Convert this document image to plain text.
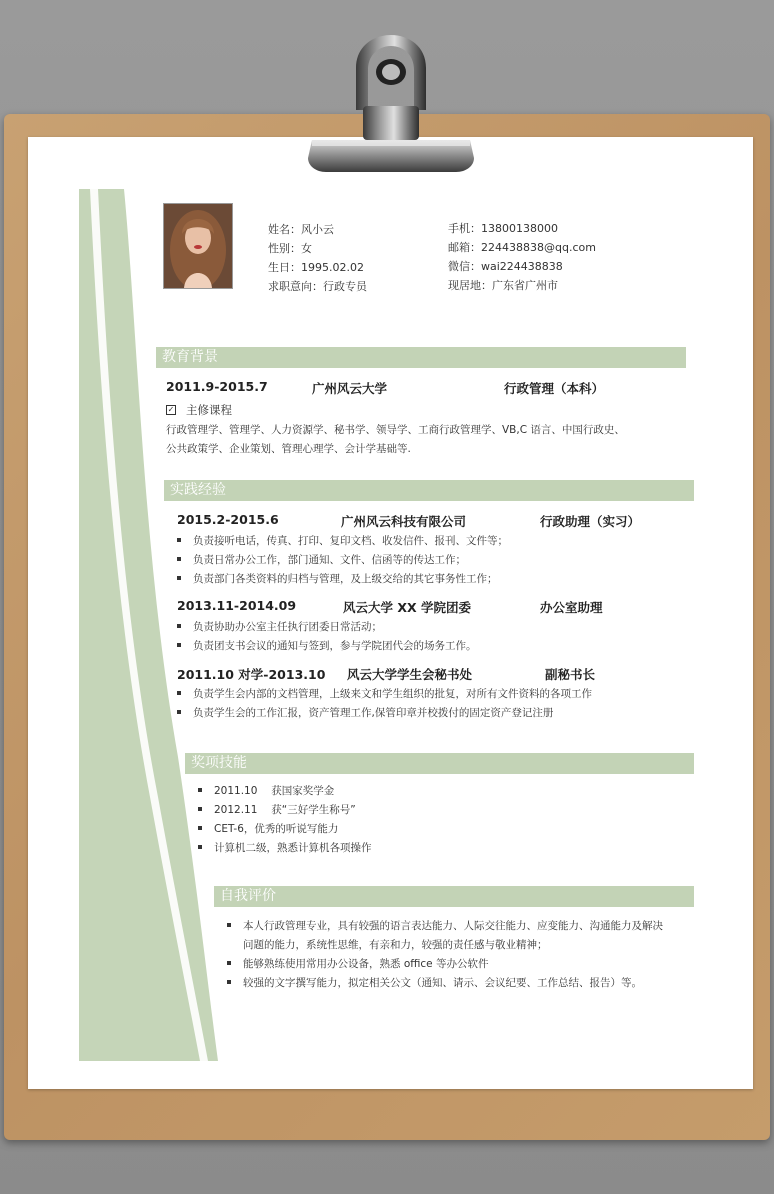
姓名：风小云
性别：女
生日：1995.02.02
求职意向：行政专员
手机：13800138000
邮箱：224438838@qq.com
微信：wai224438838
现居地：广东省广州市
教育背景
2011.9-2015.7	广州风云大学	行政管理（本科）
✓ 主修课程
行政管理学、管理学、人力资源学、秘书学、领导学、工商行政管理学、VB,C 语言、中国行政史、
公共政策学、企业策划、管理心理学、会计学基础等.
实践经验
2015.2-2015.6	广州风云科技有限公司	行政助理（实习）
负责接听电话，传真、打印、复印文档、收发信件、报刊、文件等；
负责日常办公工作，部门通知、文件、信函等的传达工作；
负责部门各类资料的归档与管理，及上级交给的其它事务性工作；
2013.11-2014.09	风云大学 XX 学院团委	办公室助理
负责协助办公室主任执行团委日常活动；
负责团支书会议的通知与签到，参与学院团代会的场务工作。
2011.10 对学-2013.10 风云大学学生会秘书处	副秘书长
负责学生会内部的文档管理，上级来文和学生组织的批复，对所有文件资料的各项工作
负责学生会的工作汇报，资产管理工作,保管印章并校拨付的固定资产登记注册
奖项技能
2011.10　 获国家奖学金
2012.11　 获“三好学生称号”
CET-6，优秀的听说写能力
计算机二级，熟悉计算机各项操作
自我评价
本人行政管理专业，具有较强的语言表达能力、人际交往能力、应变能力、沟通能力及解决
问题的能力，系统性思维，有亲和力，较强的责任感与敬业精神；
能够熟练使用常用办公设备，熟悉 office 等办公软件
较强的文字撰写能力，拟定相关公文（通知、请示、会议纪要、工作总结、报告）等。
